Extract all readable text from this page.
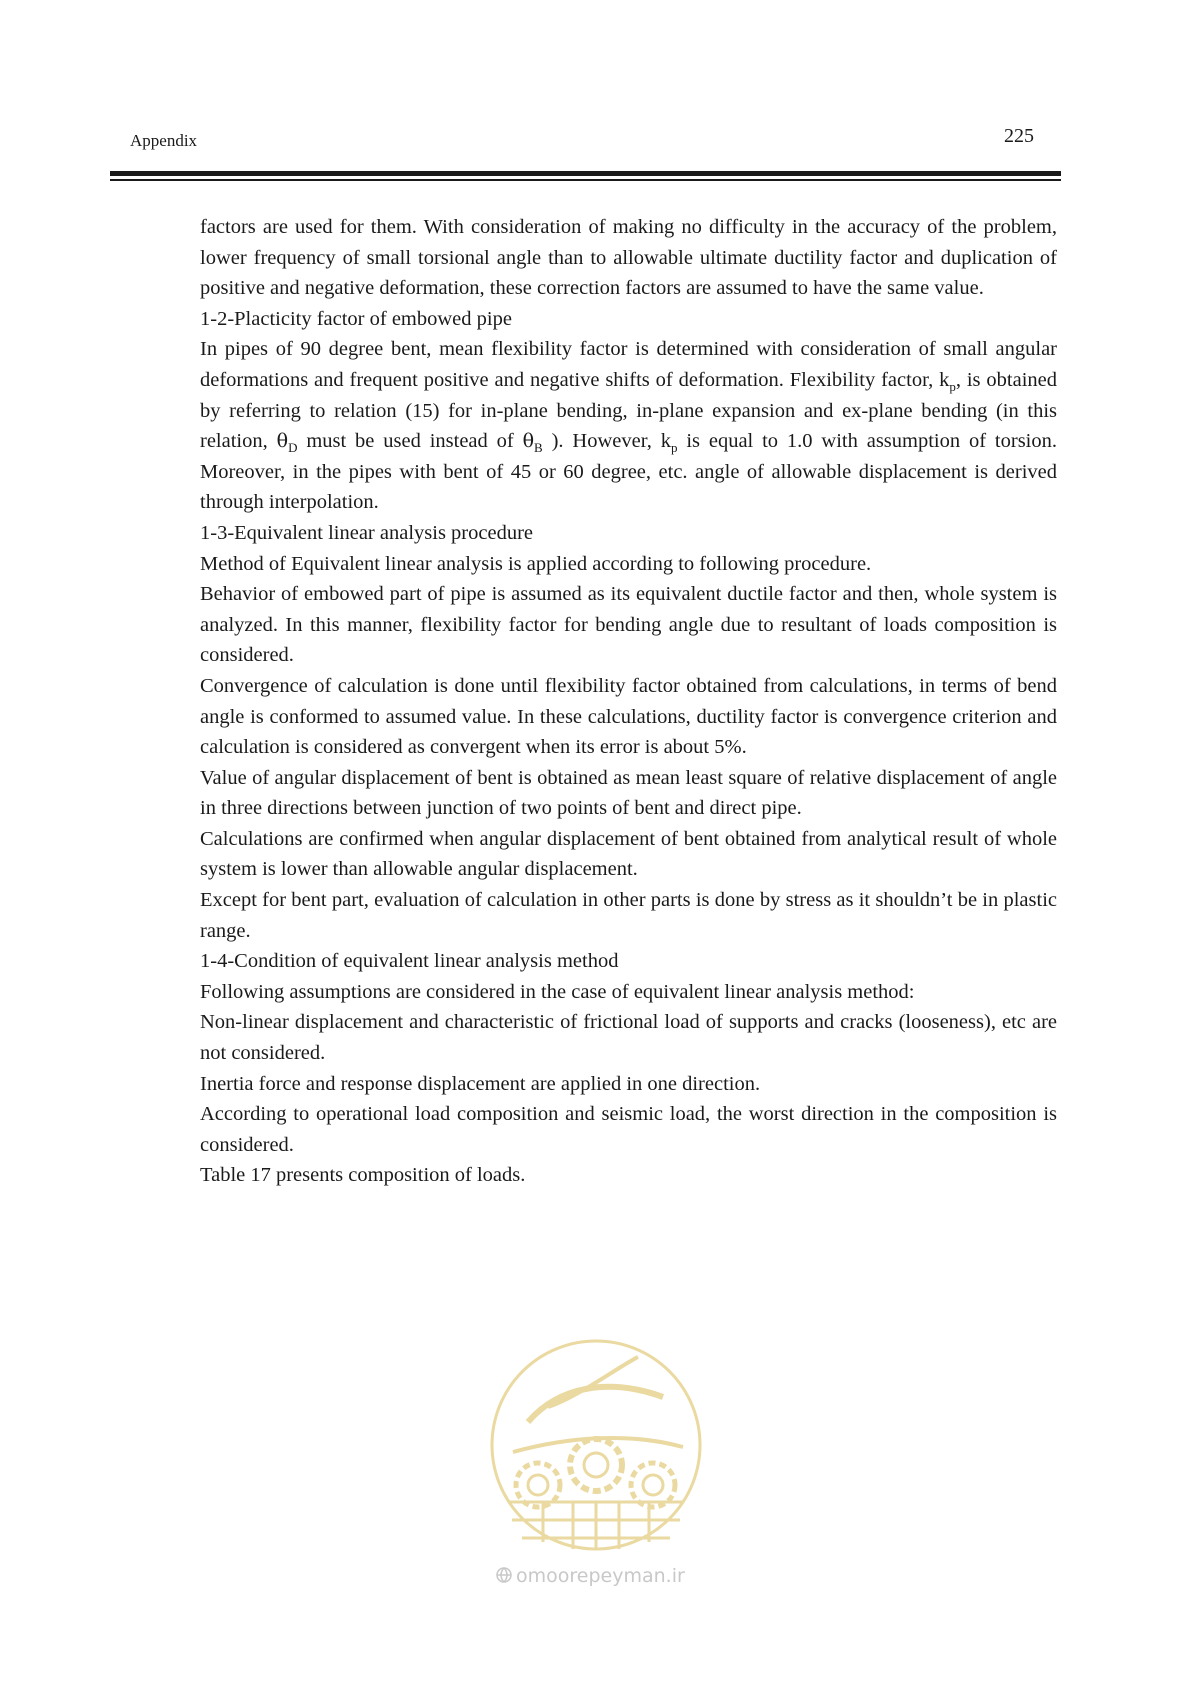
Appendix	225

factors are used for them. With consideration of making no difficulty in the accuracy of the problem, lower frequency of small torsional angle than to allowable ultimate ductility factor and duplication of positive and negative deformation, these correction factors are assumed to have the same value.

1-2-Placticity factor of embowed pipe

In pipes of 90 degree bent, mean flexibility factor is determined with consideration of small angular deformations and frequent positive and negative shifts of deformation. Flexibility factor, $k_p$, is obtained by referring to relation (15) for in-plane bending, in-plane expansion and ex-plane bending (in this relation, $\theta_D$ must be used instead of $\theta_B$ ). However, $k_p$ is equal to 1.0 with assumption of torsion. Moreover, in the pipes with bent of 45 or 60 degree, etc. angle of allowable displacement is derived through interpolation.

1-3-Equivalent linear analysis procedure

Method of Equivalent linear analysis is applied according to following procedure.

Behavior of embowed part of pipe is assumed as its equivalent ductile factor and then, whole system is analyzed. In this manner, flexibility factor for bending angle due to resultant of loads composition is considered.

Convergence of calculation is done until flexibility factor obtained from calculations, in terms of bend angle is conformed to assumed value. In these calculations, ductility factor is convergence criterion and calculation is considered as convergent when its error is about 5%.

Value of angular displacement of bent is obtained as mean least square of relative displacement of angle in three directions between junction of two points of bent and direct pipe.

Calculations are confirmed when angular displacement of bent obtained from analytical result of whole system is lower than allowable angular displacement.

Except for bent part, evaluation of calculation in other parts is done by stress as it shouldn’t be in plastic range.

1-4-Condition of equivalent linear analysis method

Following assumptions are considered in the case of equivalent linear analysis method:

Non-linear displacement and characteristic of frictional load of supports and cracks (looseness), etc are not considered.

Inertia force and response displacement are applied in one direction.

According to operational load composition and seismic load, the worst direction in the composition is considered.

Table 17 presents composition of loads.

omoorepeyman.ir
